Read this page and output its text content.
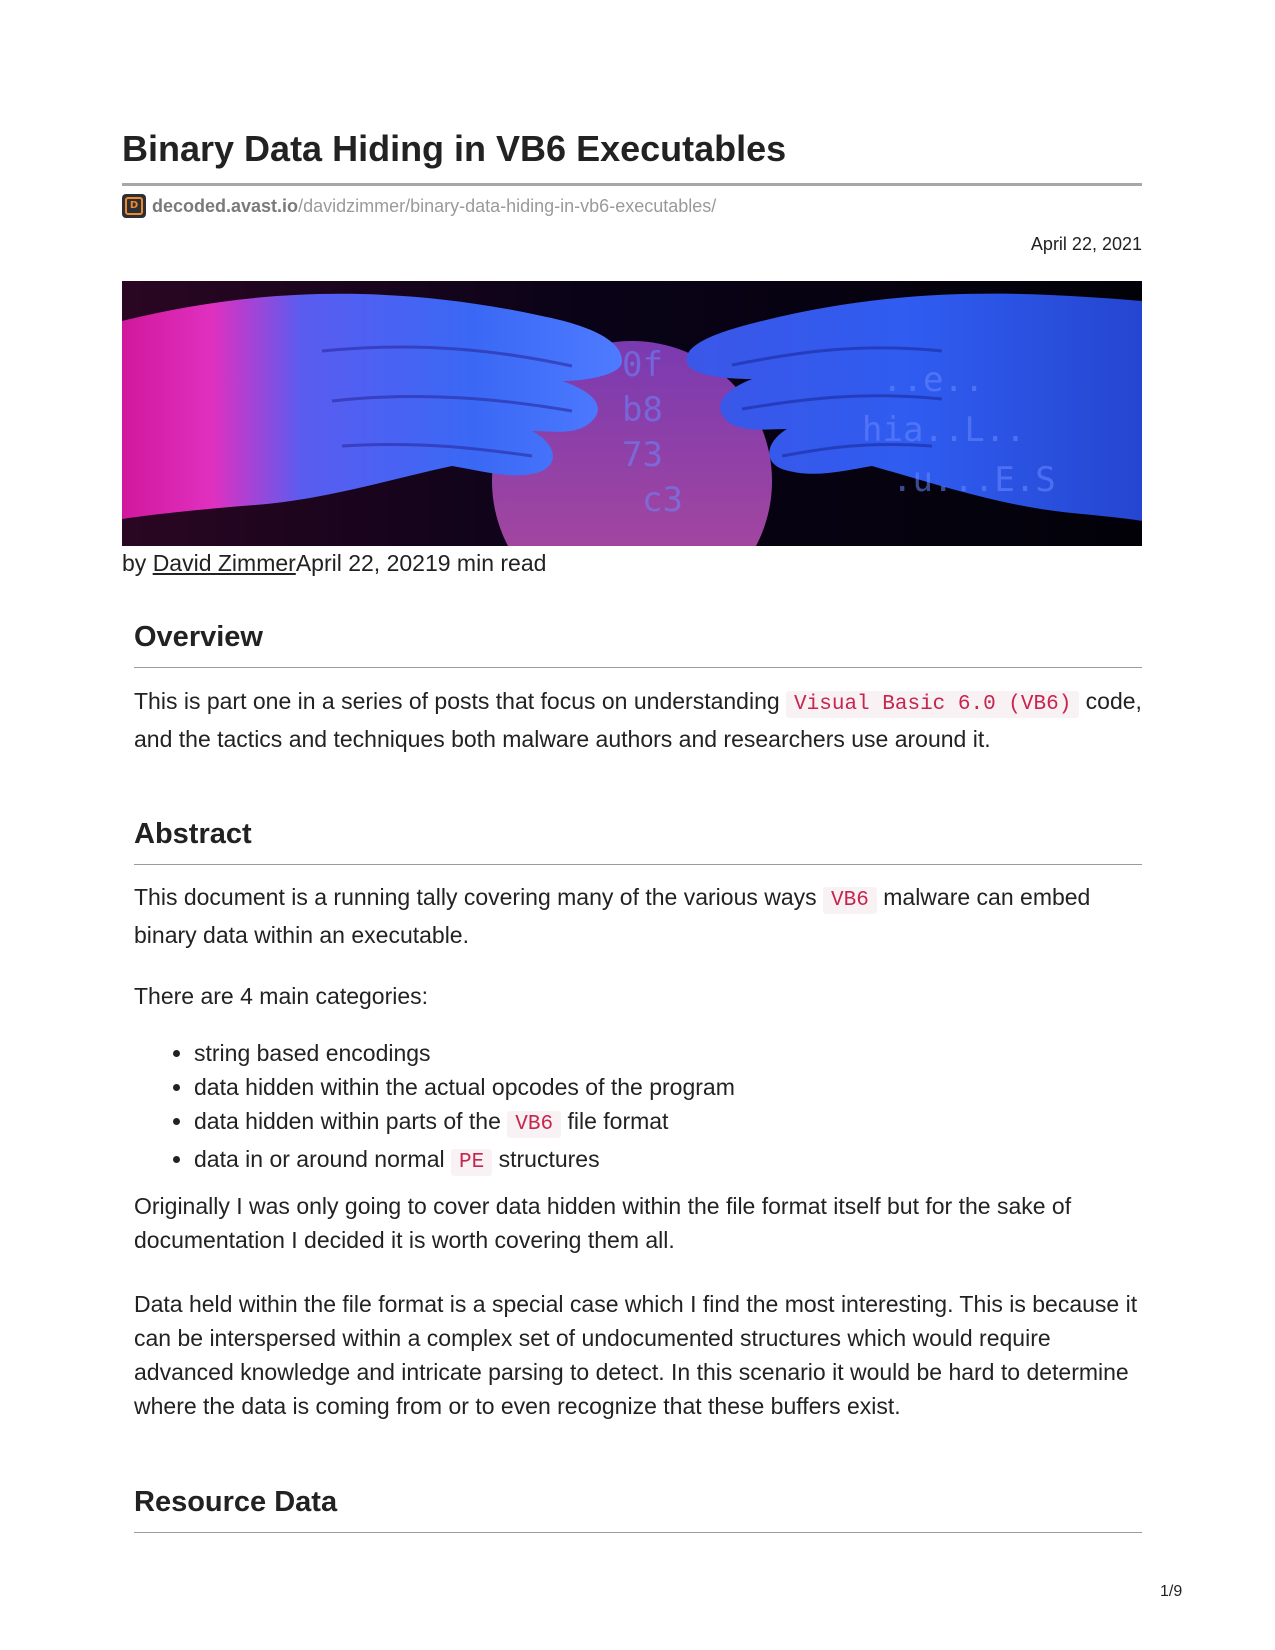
Binary Data Hiding in VB6 Executables
D decoded.avast.io /davidzimmer/binary-data-hiding-in-vb6-executables/
April 22, 2021
0f
b8
73
c3
..e..
hia..L..
.u...E.S
by David ZimmerApril 22, 20219 min read
Overview

This is part one in a series of posts that focus on understanding Visual Basic 6.0 (VB6) code, and the tactics and techniques both malware authors and researchers use around it.

Abstract

This document is a running tally covering many of the various ways VB6 malware can embed binary data within an executable.

There are 4 main categories:

• string based encodings
• data hidden within the actual opcodes of the program
• data hidden within parts of the VB6 file format
• data in or around normal PE structures

Originally I was only going to cover data hidden within the file format itself but for the sake of documentation I decided it is worth covering them all.

Data held within the file format is a special case which I find the most interesting. This is because it can be interspersed within a complex set of undocumented structures which would require advanced knowledge and intricate parsing to detect. In this scenario it would be hard to determine where the data is coming from or to even recognize that these buffers exist.

Resource Data
1/9
